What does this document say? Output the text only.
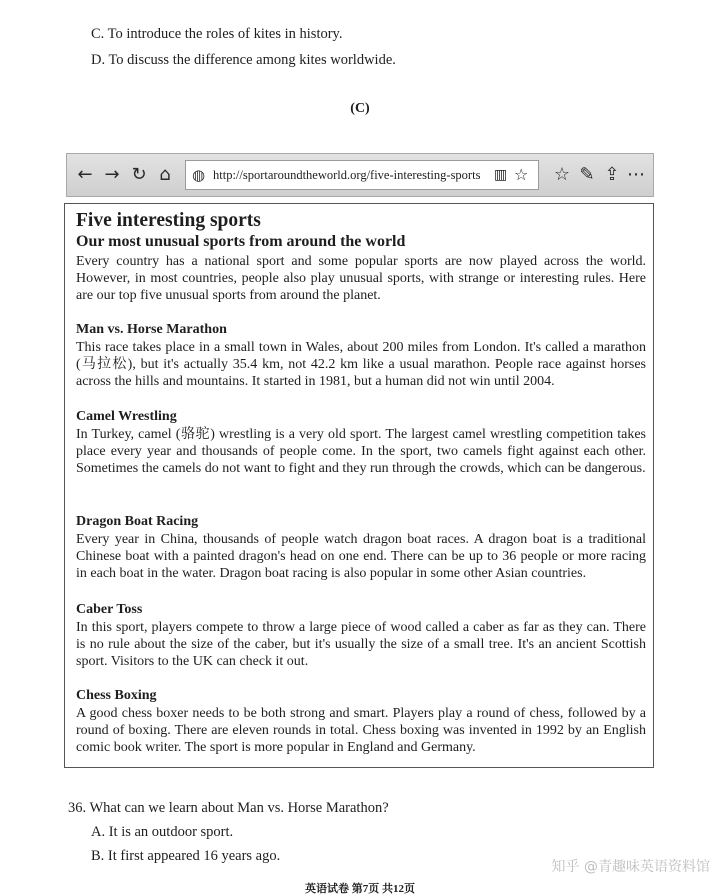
C. To introduce the roles of kites in history.
D. To discuss the difference among kites worldwide.
(C)
← → ↻ ⌂	◍ http://sportaroundtheworld.org/five-interesting-sports ▥ ☆ ☆ ✎ ⇪ ⋯
Five interesting sports
Our most unusual sports from around the world
Every country has a national sport and some popular sports are now played across the world. However, in most countries, people also play unusual sports, with strange or interesting rules. Here are our top five unusual sports from around the planet.
Man vs. Horse Marathon
This race takes place in a small town in Wales, about 200 miles from London. It's called a marathon (马拉松), but it's actually 35.4 km, not 42.2 km like a usual marathon. People race against horses across the hills and mountains. It started in 1981, but a human did not win until 2004.
Camel Wrestling
In Turkey, camel (骆驼) wrestling is a very old sport. The largest camel wrestling competition takes place every year and thousands of people come. In the sport, two camels fight against each other. Sometimes the camels do not want to fight and they run through the crowds, which can be dangerous.
Dragon Boat Racing
Every year in China, thousands of people watch dragon boat races. A dragon boat is a traditional Chinese boat with a painted dragon's head on one end. There can be up to 36 people or more racing in each boat in the water. Dragon boat racing is also popular in some other Asian countries.
Caber Toss
In this sport, players compete to throw a large piece of wood called a caber as far as they can. There is no rule about the size of the caber, but it's usually the size of a small tree. It's an ancient Scottish sport. Visitors to the UK can check it out.
Chess Boxing
A good chess boxer needs to be both strong and smart. Players play a round of chess, followed by a round of boxing. There are eleven rounds in total. Chess boxing was invented in 1992 by an English comic book writer. The sport is more popular in England and Germany.
36. What can we learn about Man vs. Horse Marathon?
A. It is an outdoor sport.
B. It first appeared 16 years ago.
知乎 @青趣味英语资料馆
英语试卷 第7页 共12页
